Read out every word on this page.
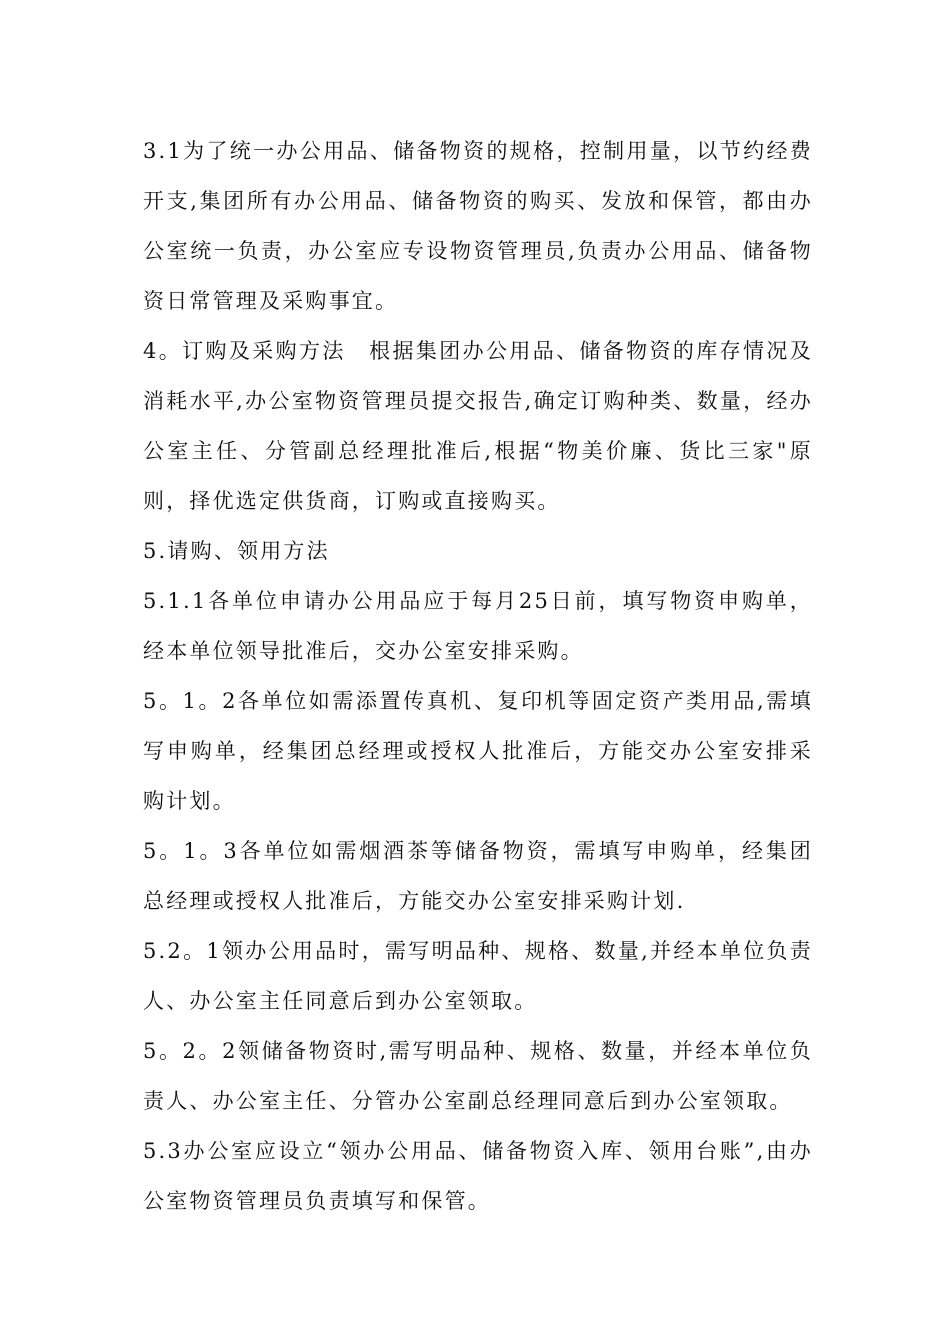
3.1为了统一办公用品、储备物资的规格，控制用量，以节约经费开支,集团所有办公用品、储备物资的购买、发放和保管，都由办公室统一负责，办公室应专设物资管理员,负责办公用品、储备物资日常管理及采购事宜。

4。订购及采购方法　根据集团办公用品、储备物资的库存情况及消耗水平,办公室物资管理员提交报告,确定订购种类、数量，经办公室主任、分管副总经理批准后,根据“物美价廉、货比三家"原则，择优选定供货商，订购或直接购买。

5.请购、领用方法

5.1.1各单位申请办公用品应于每月25日前，填写物资申购单，经本单位领导批准后，交办公室安排采购。

5。1。2各单位如需添置传真机、复印机等固定资产类用品,需填写申购单，经集团总经理或授权人批准后，方能交办公室安排采购计划。

5。1。3各单位如需烟酒茶等储备物资，需填写申购单，经集团总经理或授权人批准后，方能交办公室安排采购计划.

5.2。1领办公用品时，需写明品种、规格、数量,并经本单位负责人、办公室主任同意后到办公室领取。

5。2。2领储备物资时,需写明品种、规格、数量，并经本单位负责人、办公室主任、分管办公室副总经理同意后到办公室领取。

5.3办公室应设立“领办公用品、储备物资入库、领用台账”,由办公室物资管理员负责填写和保管。
